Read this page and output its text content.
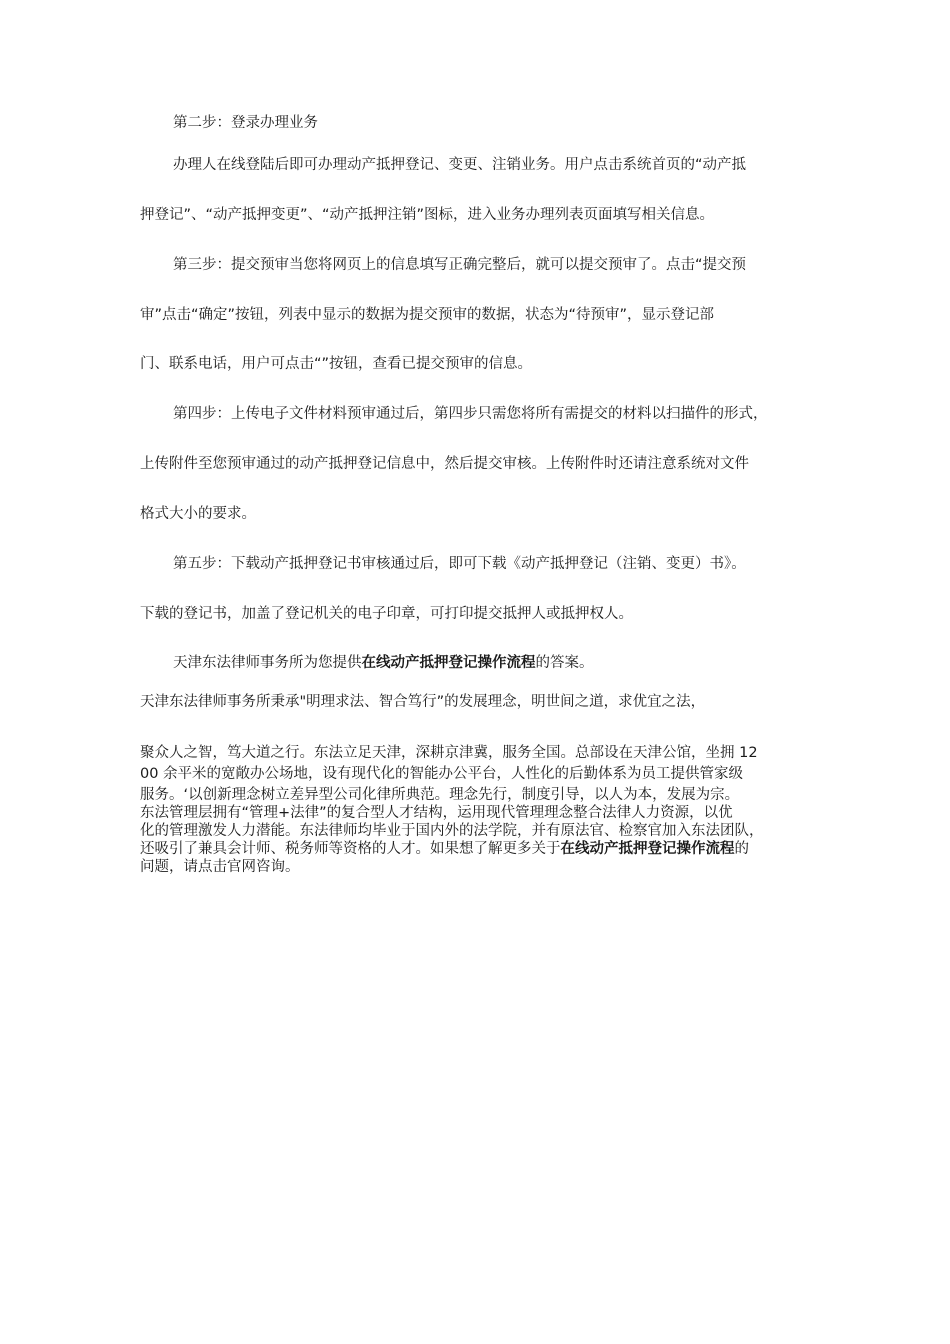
第二步：登录办理业务
办理人在线登陆后即可办理动产抵押登记、变更、注销业务。用户点击系统首页的“动产抵
押登记”、“动产抵押变更”、“动产抵押注销”图标，进入业务办理列表页面填写相关信息。
第三步：提交预审当您将网页上的信息填写正确完整后，就可以提交预审了。点击“提交预
审”点击“确定”按钮，列表中显示的数据为提交预审的数据，状态为“待预审”，显示登记部
门、联系电话，用户可点击“”按钮，查看已提交预审的信息。
第四步：上传电子文件材料预审通过后，第四步只需您将所有需提交的材料以扫描件的形式，
上传附件至您预审通过的动产抵押登记信息中，然后提交审核。上传附件时还请注意系统对文件
格式大小的要求。
第五步：下载动产抵押登记书审核通过后，即可下载《动产抵押登记（注销、变更）书》。
下载的登记书，加盖了登记机关的电子印章，可打印提交抵押人或抵押权人。
天津东法律师事务所为您提供在线动产抵押登记操作流程的答案。
天津东法律师事务所秉承"明理求法、智合笃行”的发展理念，明世间之道，求优宜之法，
聚众人之智，笃大道之行。东法立足天津，深耕京津冀，服务全国。总部设在天津公馆，坐拥 12
00 余平米的宽敞办公场地，设有现代化的智能办公平台，人性化的后勤体系为员工提供管家级
服务。‘以创新理念树立差异型公司化律所典范。理念先行，制度引导，以人为本，发展为宗。
东法管理层拥有“管理+法律”的复合型人才结构，运用现代管理理念整合法律人力资源，以优
化的管理激发人力潜能。东法律师均毕业于国内外的法学院，并有原法官、检察官加入东法团队，
还吸引了兼具会计师、税务师等资格的人才。如果想了解更多关于在线动产抵押登记操作流程的
问题，请点击官网咨询。
